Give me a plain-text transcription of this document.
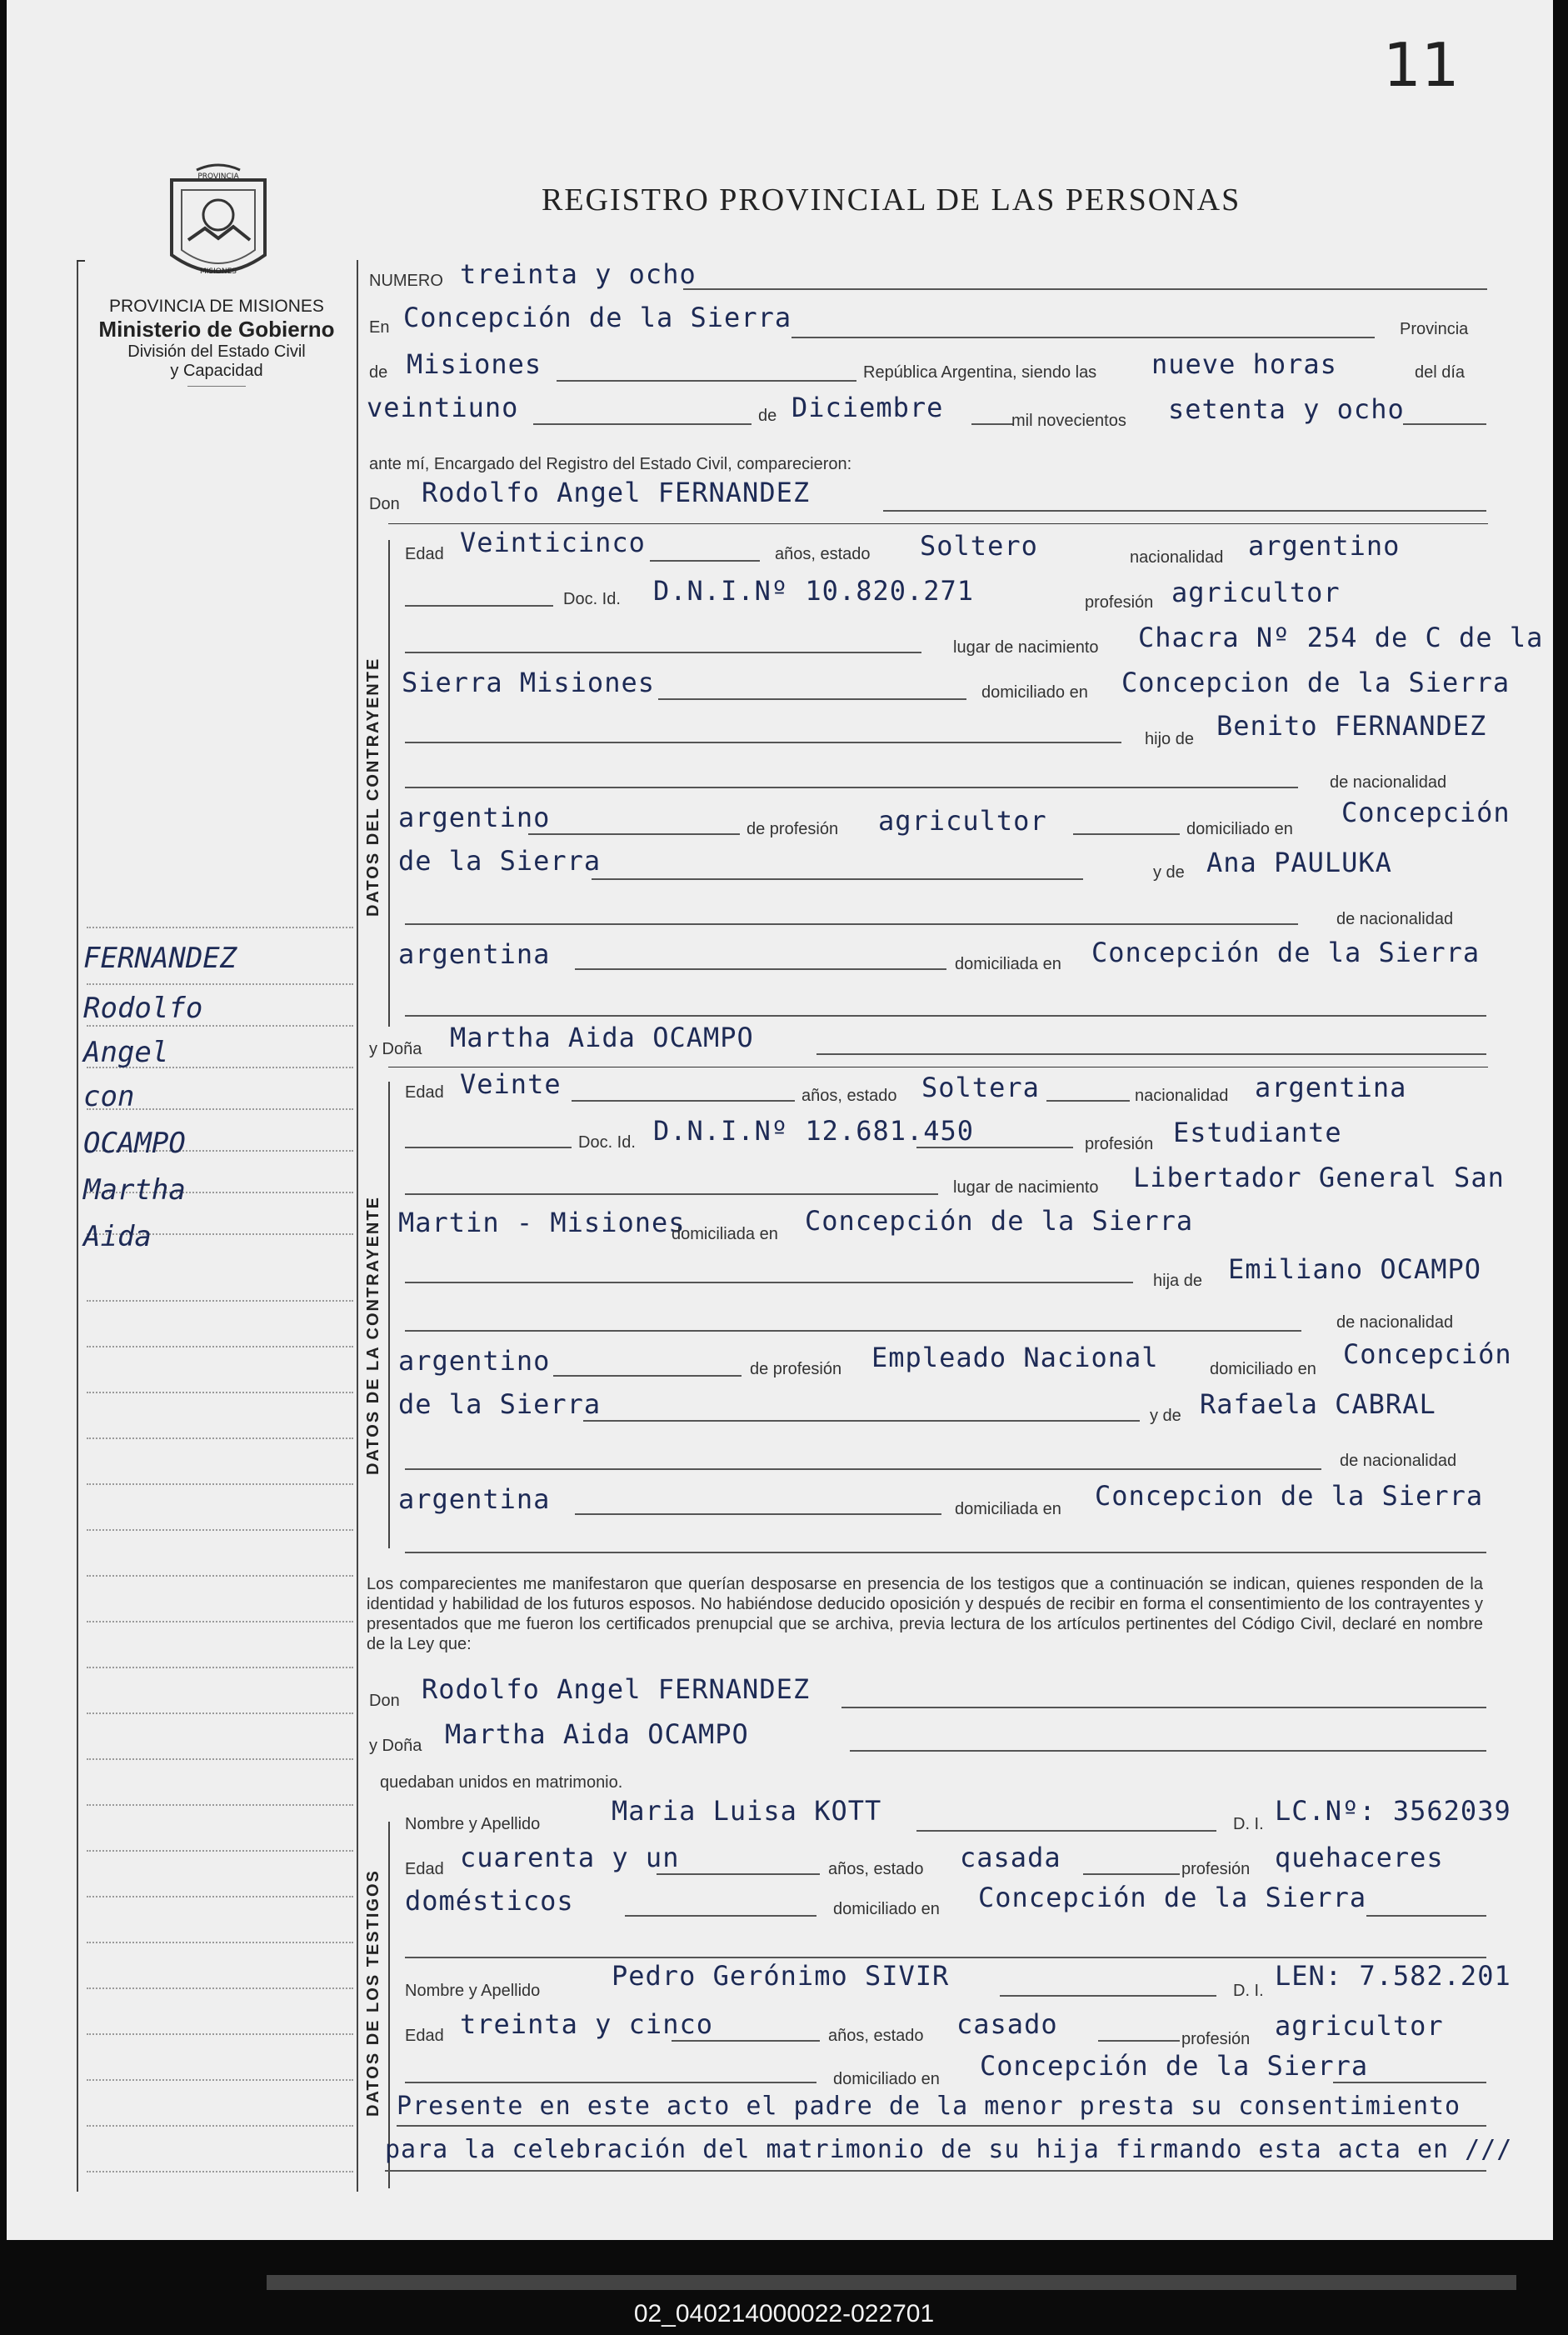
02_040214000022-022701
11
PROVINCIA
MISIONES
REGISTRO PROVINCIAL DE LAS PERSONAS
PROVINCIA DE MISIONES
Ministerio de Gobierno
División del Estado Civil
y Capacidad
FERNANDEZ
Rodolfo
Angel
con
OCAMPO
Martha
Aida
NUMERO treinta y ocho
En Concepción de la Sierra	Provincia
de Misiones	República Argentina, siendo las nueve horas	del día
veintiuno	de Diciembre	mil novecientos setenta y ocho
ante mí, Encargado del Registro del Estado Civil, comparecieron:
Don Rodolfo Angel FERNANDEZ
DATOS DEL CONTRAYENTE
Edad Veinticinco	años, estado Soltero	nacionalidad argentino
Doc. Id. D.N.I.Nº 10.820.271	profesión agricultor
lugar de nacimiento Chacra Nº 254 de C de la
Sierra Misiones	domiciliado en Concepcion de la Sierra
hijo de Benito FERNANDEZ
de nacionalidad
argentino	de profesión agricultor	domiciliado en
Concepción
de la Sierra	y de Ana PAULUKA
de nacionalidad
argentina	domiciliada en Concepción de la Sierra
y Doña Martha Aida OCAMPO
DATOS DE LA CONTRAYENTE
Edad Veinte	años, estado Soltera	nacionalidad argentina
Doc. Id. D.N.I.Nº 12.681.450	profesión Estudiante
lugar de nacimiento Libertador General San
Martin - Misiones
domiciliada en Concepción de la Sierra
hija de Emiliano OCAMPO
de nacionalidad
argentino	de profesión Empleado Nacional	domiciliado en Concepción
de la Sierra	y de Rafaela CABRAL
de nacionalidad
argentina	domiciliada en Concepcion de la Sierra
Los comparecientes me manifestaron que querían desposarse en presencia de los testigos que a continuación se indican, quienes responden de la identidad y habilidad de los futuros esposos. No habiéndose deducido oposición y después de recibir en forma el consentimiento de los contrayentes y presentados que me fueron los certificados prenupcial que se archiva, previa lectura de los artículos pertinentes del Código Civil, declaré en nombre de la Ley que:
Don Rodolfo Angel FERNANDEZ
y Doña Martha Aida OCAMPO
quedaban unidos en matrimonio.
DATOS DE LOS TESTIGOS
Nombre y Apellido	Maria Luisa KOTT	D. I. LC.Nº: 3562039
Edad cuarenta y un	años, estado casada	profesión quehaceres
domésticos	domiciliado en Concepción de la Sierra
Nombre y Apellido	Pedro Gerónimo SIVIR	D. I. LEN: 7.582.201
Edad treinta y cinco	años, estado casado	profesión agricultor
domiciliado en Concepción de la Sierra
Presente en este acto el padre de la menor presta su consentimiento
para la celebración del matrimonio de su hija firmando esta acta en ///
